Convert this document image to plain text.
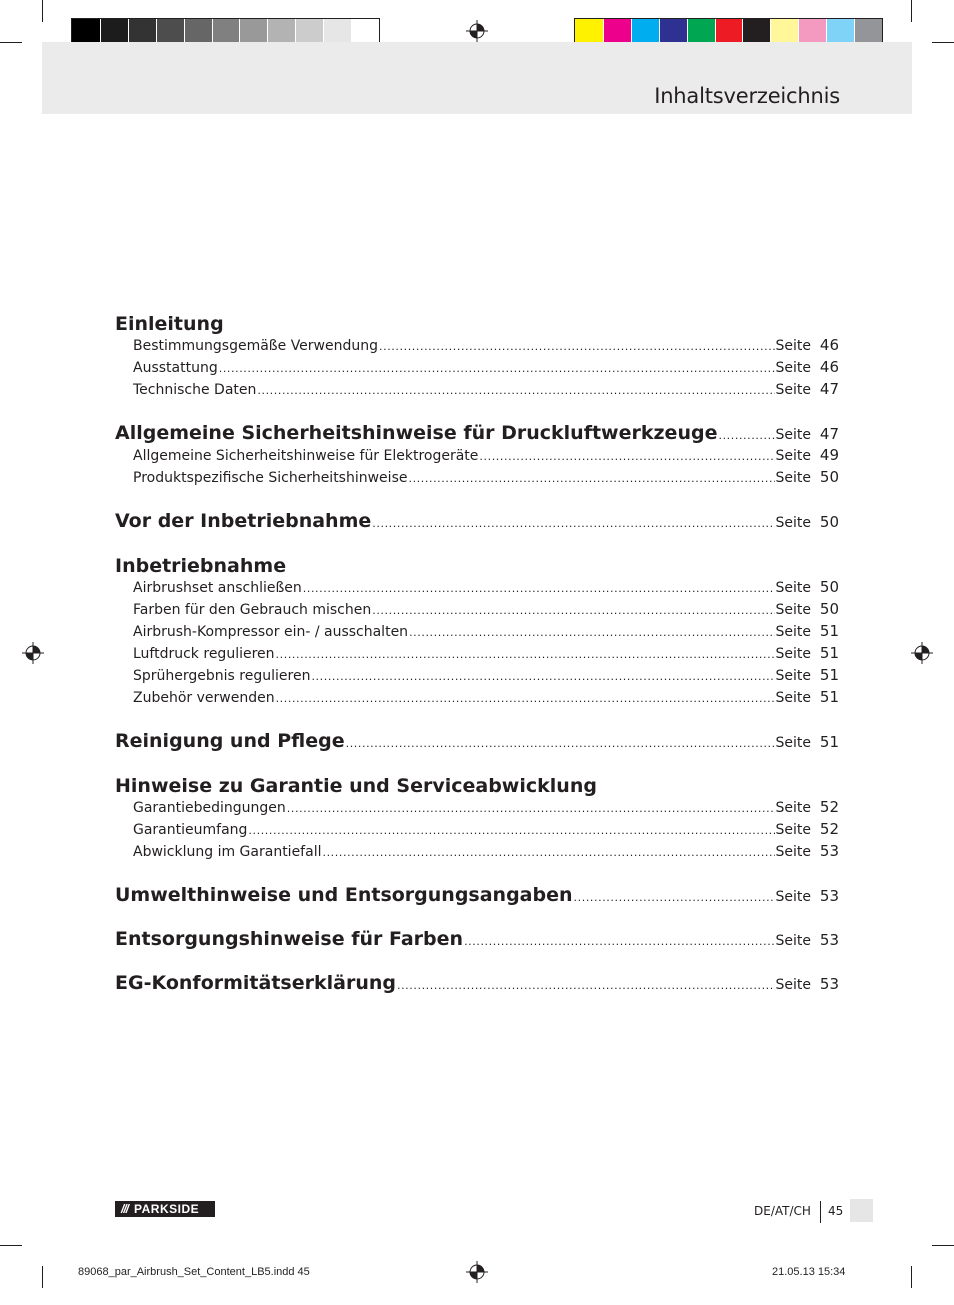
Inhaltsverzeichnis
Einleitung
Bestimmungsgemäße Verwendung .....	Seite 46
Ausstattung .....	Seite 46
Technische Daten .....	Seite 47
Allgemeine Sicherheitshinweise für Druckluftwerkzeuge .....	Seite 47
Allgemeine Sicherheitshinweise für Elektrogeräte .....	Seite 49
Produktspezifische Sicherheitshinweise .....	Seite 50
Vor der Inbetriebnahme .....	Seite 50
Inbetriebnahme
Airbrushset anschließen .....	Seite 50
Farben für den Gebrauch mischen .....	Seite 50
Airbrush-Kompressor ein- / ausschalten .....	Seite 51
Luftdruck regulieren .....	Seite 51
Sprühergebnis regulieren .....	Seite 51
Zubehör verwenden .....	Seite 51
Reinigung und Pflege .....	Seite 51
Hinweise zu Garantie und Serviceabwicklung
Garantiebedingungen .....	Seite 52
Garantieumfang .....	Seite 52
Abwicklung im Garantiefall .....	Seite 53
Umwelthinweise und Entsorgungsangaben .....	Seite 53
Entsorgungshinweise für Farben .....	Seite 53
EG-Konformitätserklärung .....	Seite 53
/// PARKSIDE	DE/AT/CH 45
89068_par_Airbrush_Set_Content_LB5.indd 45	21.05.13 15:34
